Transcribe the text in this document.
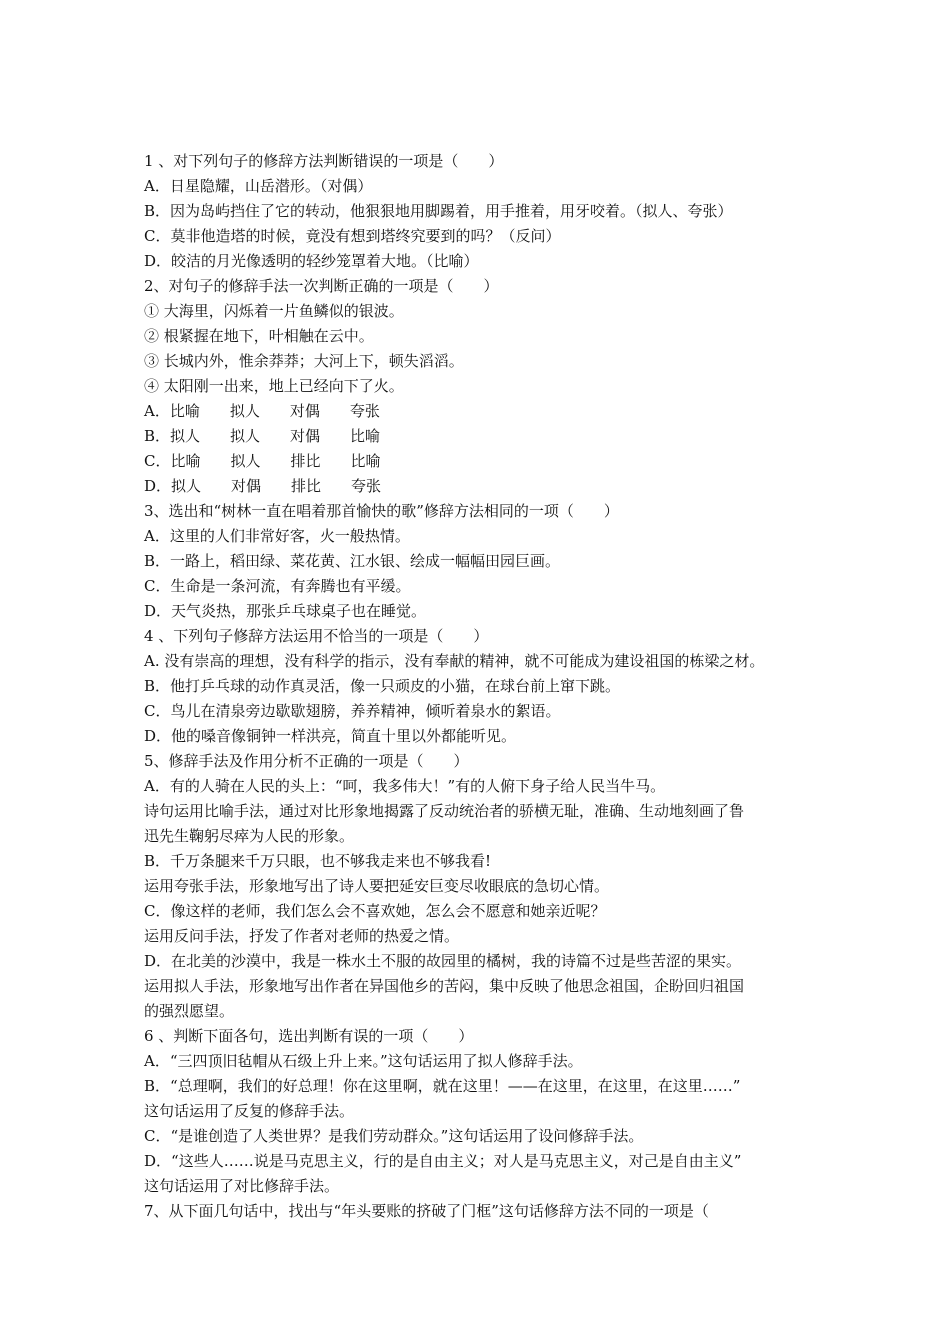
1 、对下列句子的修辞方法判断错误的一项是（　　）
A．日星隐耀，山岳潜形。（对偶）
B．因为岛屿挡住了它的转动，他狠狠地用脚踢着，用手推着，用牙咬着。（拟人、夸张）
C．莫非他造塔的时候，竟没有想到塔终究要到的吗？（反问）
D．皎洁的月光像透明的轻纱笼罩着大地。（比喻）
2、对句子的修辞手法一次判断正确的一项是（　　）
① 大海里，闪烁着一片鱼鳞似的银波。
② 根紧握在地下，叶相触在云中。
③ 长城内外，惟余莽莽；大河上下，顿失滔滔。
④ 太阳刚一出来，地上已经向下了火。
A．比喻　　拟人　　对偶　　夸张
B．拟人　　拟人　　对偶　　比喻
C．比喻　　拟人　　排比　　比喻
D．拟人　　对偶　　排比　　夸张
3、选出和“树林一直在唱着那首愉快的歌”修辞方法相同的一项（　　）
A．这里的人们非常好客，火一般热情。
B．一路上，稻田绿、菜花黄、江水银、绘成一幅幅田园巨画。
C．生命是一条河流，有奔腾也有平缓。
D．天气炎热，那张乒乓球桌子也在睡觉。
4 、下列句子修辞方法运用不恰当的一项是（　　）
A. 没有崇高的理想，没有科学的指示，没有奉献的精神，就不可能成为建设祖国的栋梁之材。
B．他打乒乓球的动作真灵活，像一只顽皮的小猫，在球台前上窜下跳。
C．鸟儿在清泉旁边歇歇翅膀，养养精神，倾听着泉水的絮语。
D．他的嗓音像铜钟一样洪亮，简直十里以外都能听见。
5、修辞手法及作用分析不正确的一项是（　　）
A．有的人骑在人民的头上：“呵，我多伟大！”有的人俯下身子给人民当牛马。
诗句运用比喻手法，通过对比形象地揭露了反动统治者的骄横无耻，准确、生动地刻画了鲁
迅先生鞠躬尽瘁为人民的形象。
B．千万条腿来千万只眼，也不够我走来也不够我看!
运用夸张手法，形象地写出了诗人要把延安巨变尽收眼底的急切心情。
C．像这样的老师，我们怎么会不喜欢她，怎么会不愿意和她亲近呢？
运用反问手法，抒发了作者对老师的热爱之情。
D．在北美的沙漠中，我是一株水土不服的故园里的橘树，我的诗篇不过是些苦涩的果实。
运用拟人手法，形象地写出作者在异国他乡的苦闷，集中反映了他思念祖国，企盼回归祖国
的强烈愿望。
6 、判断下面各句，选出判断有误的一项（　　）
A．“三四顶旧毡帽从石级上升上来。”这句话运用了拟人修辞手法。
B．“总理啊，我们的好总理！你在这里啊，就在这里！——在这里，在这里，在这里……”
这句话运用了反复的修辞手法。
C．“是谁创造了人类世界？是我们劳动群众。”这句话运用了设问修辞手法。
D．“这些人……说是马克思主义，行的是自由主义；对人是马克思主义，对己是自由主义”
这句话运用了对比修辞手法。
7、从下面几句话中，找出与“年头要账的挤破了门框”这句话修辞方法不同的一项是（
